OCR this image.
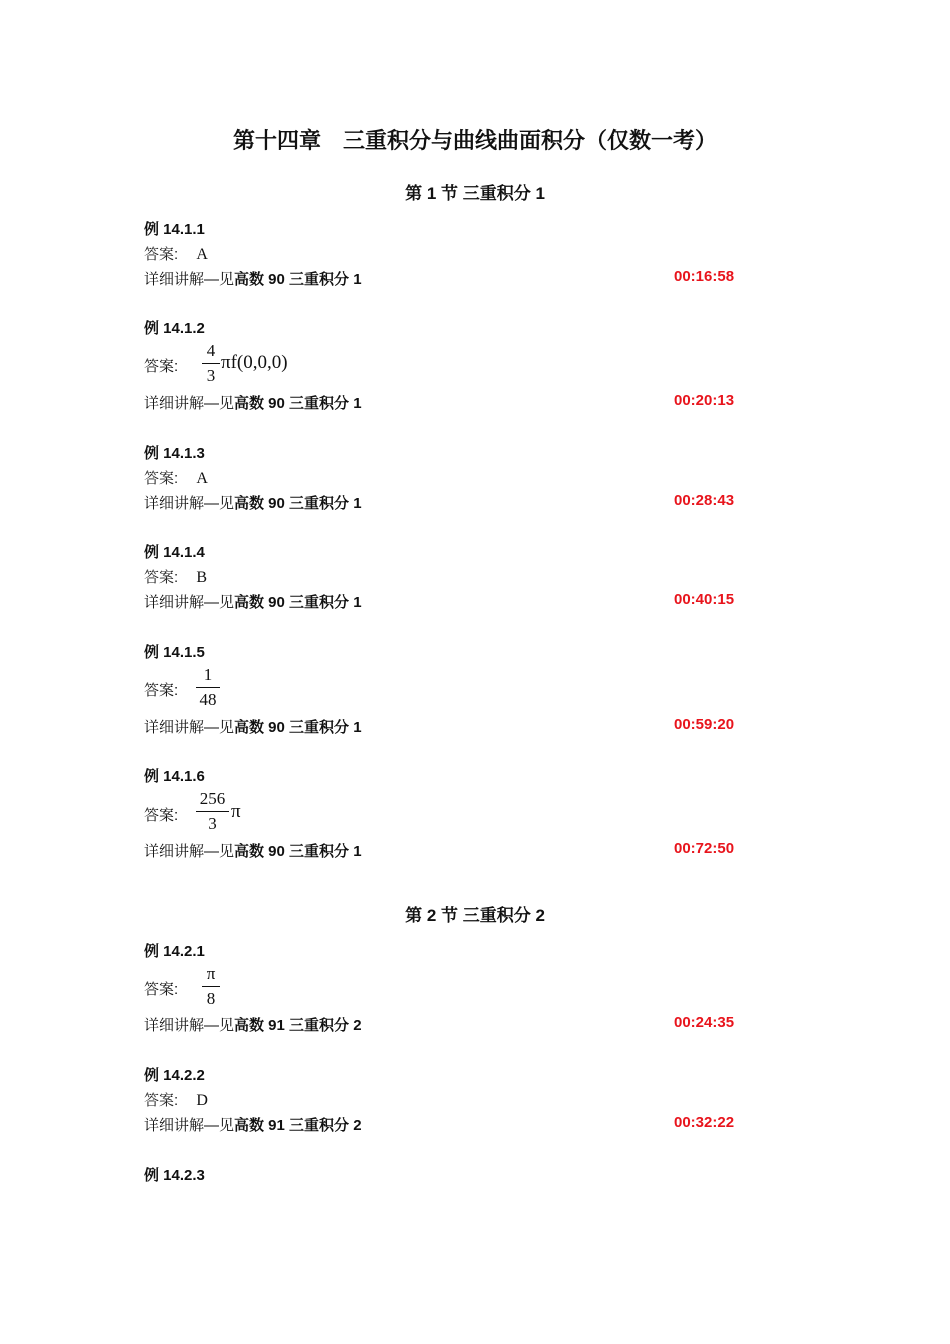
第十四章　三重积分与曲线曲面积分（仅数一考）
第 1 节 三重积分 1
例 14.1.1
答案: A
详细讲解—见高数 90 三重积分 1	00:16:58
例 14.1.2
答案:
4
3
πf(0,0,0)
详细讲解—见高数 90 三重积分 1	00:20:13
例 14.1.3
答案: A
详细讲解—见高数 90 三重积分 1	00:28:43
例 14.1.4
答案: B
详细讲解—见高数 90 三重积分 1	00:40:15
例 14.1.5
答案:
1
48
详细讲解—见高数 90 三重积分 1	00:59:20
例 14.1.6
答案:
256
3
π
详细讲解—见高数 90 三重积分 1	00:72:50
第 2 节 三重积分 2
例 14.2.1
答案:
π
8
详细讲解—见高数 91 三重积分 2	00:24:35
例 14.2.2
答案: D
详细讲解—见高数 91 三重积分 2	00:32:22
例 14.2.3
